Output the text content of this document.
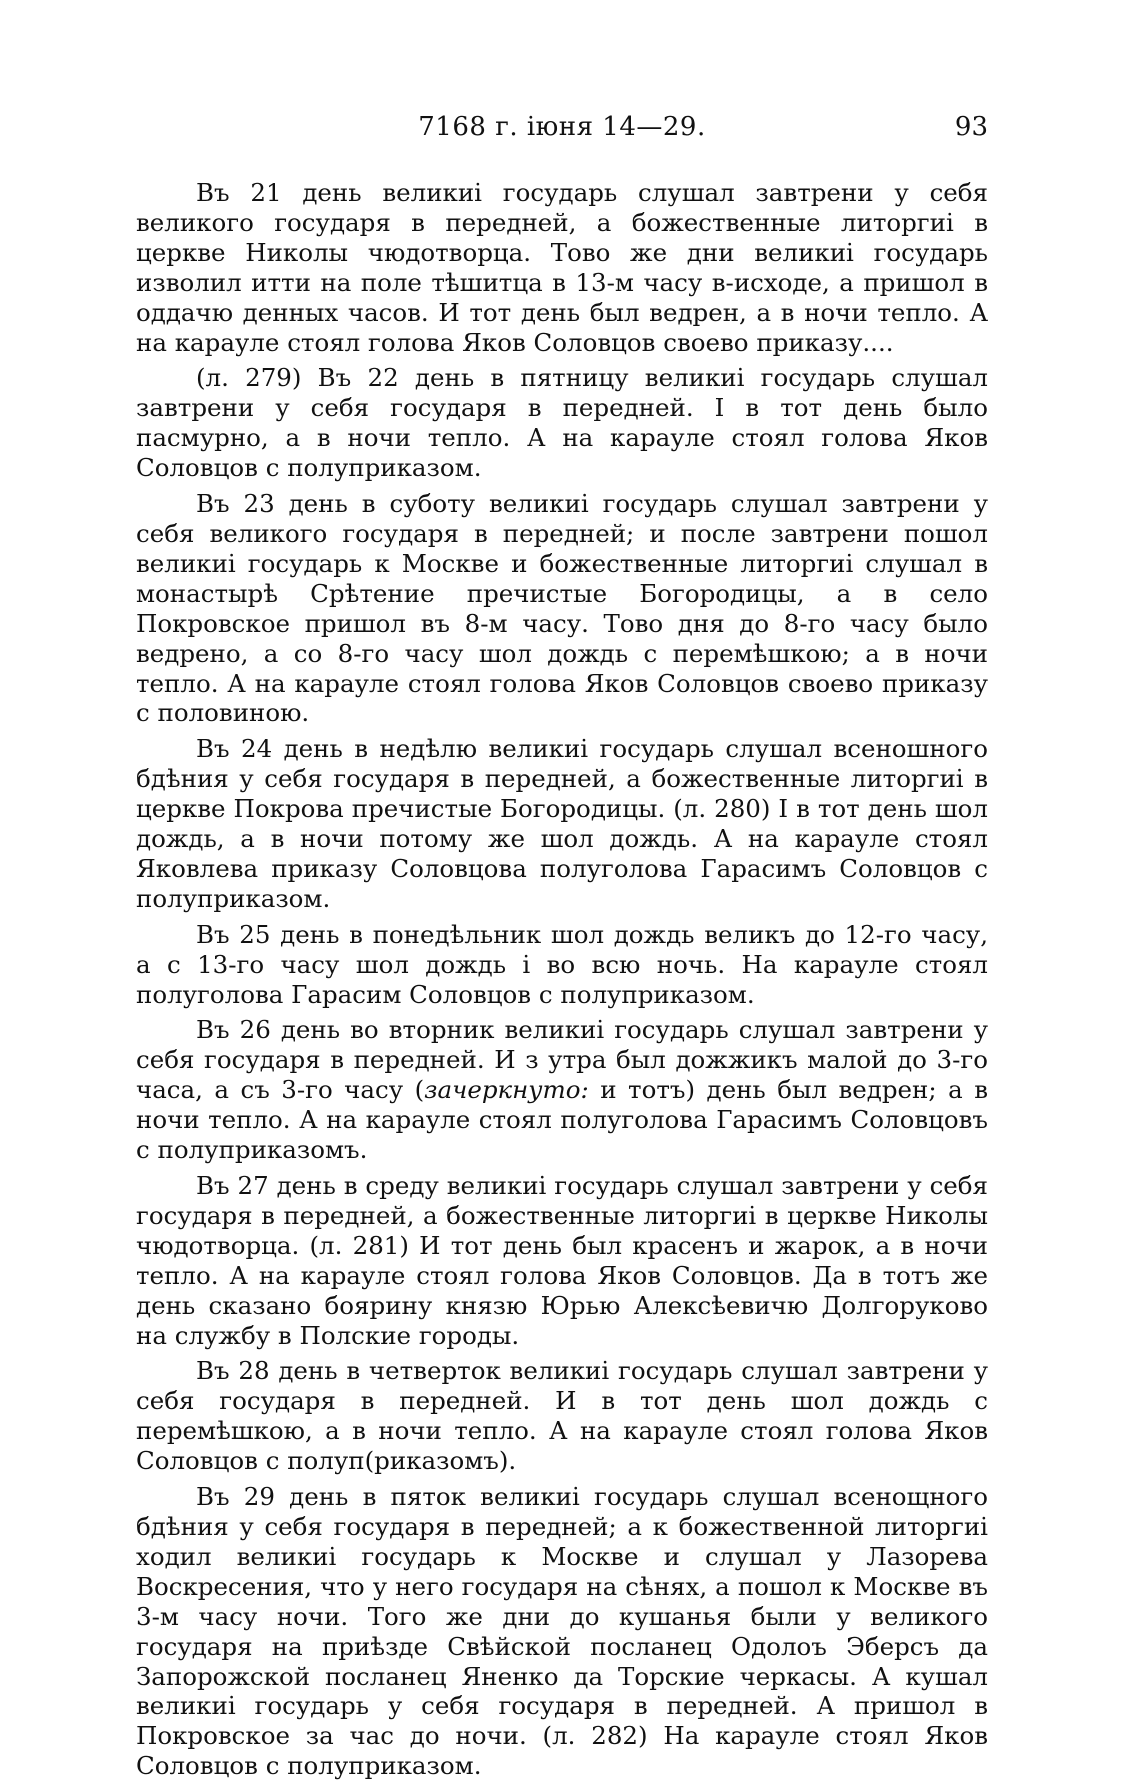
7168 г. iюня 14—29.	93

Въ 21 день великиі государь слушал завтрени у себя великого государя в передней, а божественные литоргиі в церкве Николы чюдотворца. Тово же дни великиі государь изволил итти на поле тѣшитца в 13-м часу в-исходе, а пришол в оддачю денных часов. И тот день был ведрен, а в ночи тепло. А на карауле стоял голова Яков Соловцов своево приказу....

(л. 279) Въ 22 день в пятницу великиі государь слушал завтрени у себя государя в передней. І в тот день было пасмурно, а в ночи тепло. А на карауле стоял голова Яков Соловцов с полуприказом.

Въ 23 день в суботу великиі государь слушал завтрени у себя великого государя в передней; и после завтрени пошол великиі государь к Москве и божественные литоргиі слушал в монастырѣ Срѣтение пречистые Богородицы, а в село Покровское пришол въ 8-м часу. Тово дня до 8-го часу было ведрено, а со 8-го часу шол дождь с перемѣшкою; а в ночи тепло. А на карауле стоял голова Яков Соловцов своево приказу с половиною.

Въ 24 день в недѣлю великиі государь слушал всеношного бдѣния у себя государя в передней, а божественные литоргиі в церкве Покрова пречистые Богородицы. (л. 280) І в тот день шол дождь, а в ночи потому же шол дождь. А на карауле стоял Яковлева приказу Соловцова полуголова Гарасимъ Соловцов с полуприказом.

Въ 25 день в понедѣльник шол дождь великъ до 12-го часу, а с 13-го часу шол дождь і во всю ночь. На карауле стоял полуголова Гарасим Соловцов с полуприказом.

Въ 26 день во вторник великиі государь слушал завтрени у себя государя в передней. И з утра был дожжикъ малой до 3-го часа, а съ 3-го часу (зачеркнуто: и тотъ) день был ведрен; а в ночи тепло. А на карауле стоял полуголова Гарасимъ Соловцовъ с полуприказомъ.

Въ 27 день в среду великиі государь слушал завтрени у себя государя в передней, а божественные литоргиі в церкве Николы чюдотворца. (л. 281) И тот день был красенъ и жарок, а в ночи тепло. А на карауле стоял голова Яков Соловцов. Да в тотъ же день сказано боярину князю Юрью Алексѣевичю Долгоруково на службу в Полские городы.

Въ 28 день в четверток великиі государь слушал завтрени у себя государя в передней. И в тот день шол дождь с перемѣшкою, а в ночи тепло. А на карауле стоял голова Яков Соловцов с полуп(риказомъ).

Въ 29 день в пяток великиі государь слушал всенощного бдѣния у себя государя в передней; а к божественной литоргиі ходил великиі государь к Москве и слушал у Лазорева Воскресения, что у него государя на сѣнях, а пошол к Москве въ 3-м часу ночи. Того же дни до кушанья были у великого государя на приѣзде Свѣйской посланец Одолоъ Эберсъ да Запорожской посланец Яненко да Торские черкасы. А кушал великиі государь у себя государя в передней. А пришол в Покровское за час до ночи. (л. 282) На карауле стоял Яков Соловцов с полуприказом.
